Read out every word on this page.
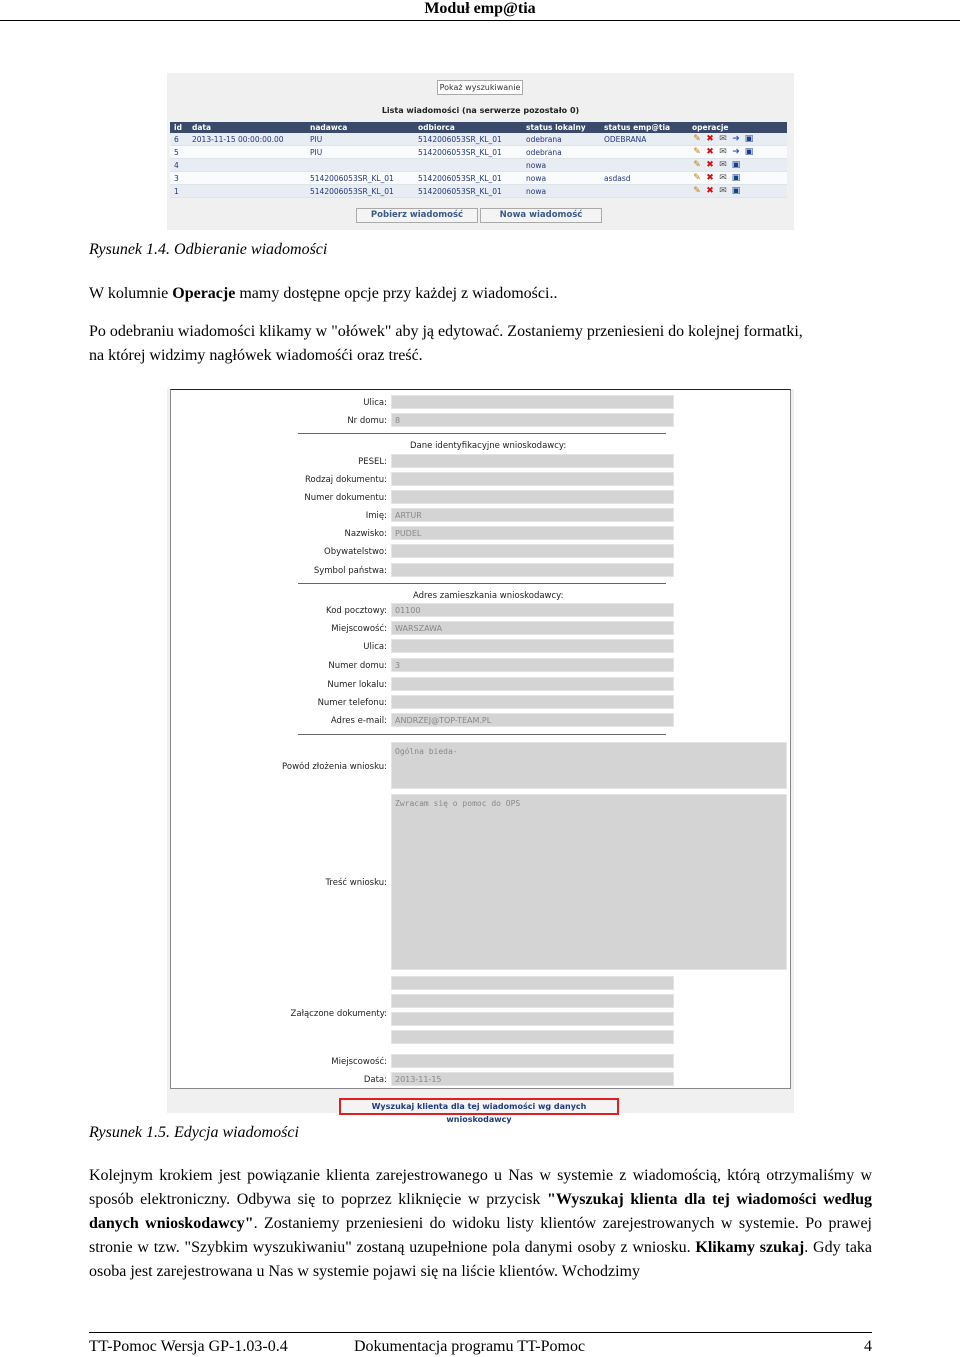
Moduł emp@tia
Pokaż wyszukiwanie
Lista wiadomości (na serwerze pozostało 0)
id	data	nadawca	odbiorca	status lokalny	status emp@tia	operacje
6	2013-11-15 00:00:00.00	PIU	5142006053SR_KL_01	odebrana	ODEBRANA	✎ ✖ ✉ ➜ ▣
5		PIU	5142006053SR_KL_01	odebrana		✎ ✖ ✉ ➜ ▣
4				nowa		✎ ✖ ✉ ▣
3		5142006053SR_KL_01	5142006053SR_KL_01	nowa	asdasd	✎ ✖ ✉ ▣
1		5142006053SR_KL_01	5142006053SR_KL_01	nowa		✎ ✖ ✉ ▣
Pobierz wiadomość	Nowa wiadomość
Rysunek 1.4. Odbieranie wiadomości
W kolumnie Operacje mamy dostępne opcje przy każdej z wiadomości..
Po odebraniu wiadomości klikamy w "ołówek" aby ją edytować. Zostaniemy przeniesieni do kolejnej formatki,
na której widzimy nagłówek wiadomośći oraz treść.
Ulica:
Nr domu:	8
Dane identyfikacyjne wnioskodawcy:
PESEL:
Rodzaj dokumentu:
Numer dokumentu:
Imię:	ARTUR
Nazwisko:	PUDEL
Obywatelstwo:
Symbol państwa:
Adres zamieszkania wnioskodawcy:
Kod pocztowy:	01100
Miejscowość:	WARSZAWA
Ulica:
Numer domu:	3
Numer lokalu:
Numer telefonu:
Adres e-mail:	ANDRZEJ@TOP-TEAM.PL
Powód złożenia wniosku:
Ogólna bieda-
Treść wniosku:
Zwracam się o pomoc do OPS
Załączone dokumenty:
Miejscowość:
Data:	2013-11-15
Wyszukaj klienta dla tej wiadomości wg danych wnioskodawcy
Rysunek 1.5. Edycja wiadomości
Kolejnym krokiem jest powiązanie klienta zarejestrowanego u Nas w systemie z wiadomością, którą otrzymaliśmy w sposób elektroniczny. Odbywa się to poprzez kliknięcie w przycisk "Wyszukaj klienta dla tej wiadomości według danych wnioskodawcy". Zostaniemy przeniesieni do widoku listy klientów zarejestrowanych w systemie. Po prawej stronie w tzw. "Szybkim wyszukiwaniu" zostaną uzupełnione pola danymi osoby z wniosku. Klikamy szukaj. Gdy taka osoba jest zarejestrowana u Nas w systemie pojawi się na liście klientów. Wchodzimy
TT-Pomoc Wersja GP-1.03-0.4	Dokumentacja programu TT-Pomoc	4
